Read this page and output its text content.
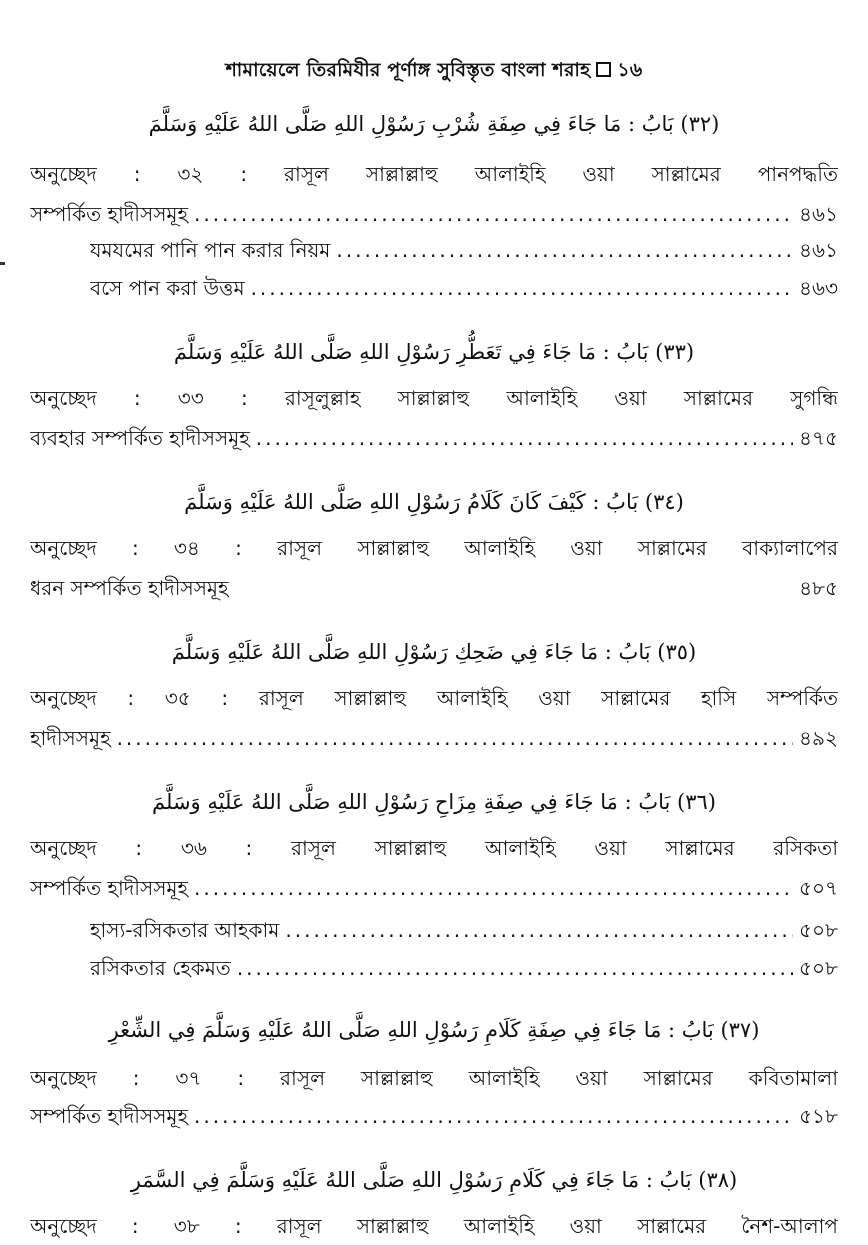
শামায়েলে তিরমিযীর পূর্ণাঙ্গ সুবিস্তৃত বাংলা শরাহ ১৬
(٣٢) بَابُ : مَا جَاءَ فِي صِفَةِ شُرْبِ رَسُوْلِ اللهِ صَلَّى اللهُ عَلَيْهِ وَسَلَّمَ
অনুচ্ছেদ : ৩২ : রাসূল সাল্লাল্লাহু আলাইহি ওয়া সাল্লামের পানপদ্ধতি
সম্পর্কিত হাদীসসমূহ .....	৪৬১
যমযমের পানি পান করার নিয়ম .....	৪৬১
বসে পান করা উত্তম .....	৪৬৩
(٣٣) بَابُ : مَا جَاءَ فِي تَعَطُّرِ رَسُوْلِ اللهِ صَلَّى اللهُ عَلَيْهِ وَسَلَّمَ
অনুচ্ছেদ : ৩৩ : রাসূলুল্লাহ সাল্লাল্লাহু আলাইহি ওয়া সাল্লামের সুগন্ধি
ব্যবহার সম্পর্কিত হাদীসসমূহ .....	৪৭৫
(٣٤) بَابُ : كَيْفَ كَانَ كَلَامُ رَسُوْلِ اللهِ صَلَّى اللهُ عَلَيْهِ وَسَلَّمَ
অনুচ্ছেদ : ৩৪ : রাসূল সাল্লাল্লাহু আলাইহি ওয়া সাল্লামের বাক্যালাপের
ধরন সম্পর্কিত হাদীসসমূহ	৪৮৫
(٣٥) بَابُ : مَا جَاءَ فِي ضَحِكِ رَسُوْلِ اللهِ صَلَّى اللهُ عَلَيْهِ وَسَلَّمَ
অনুচ্ছেদ : ৩৫ : রাসূল সাল্লাল্লাহু আলাইহি ওয়া সাল্লামের হাসি সম্পর্কিত
হাদীসসমূহ .....	৪৯২
(٣٦) بَابُ : مَا جَاءَ فِي صِفَةِ مِزَاحِ رَسُوْلِ اللهِ صَلَّى اللهُ عَلَيْهِ وَسَلَّمَ
অনুচ্ছেদ : ৩৬ : রাসূল সাল্লাল্লাহু আলাইহি ওয়া সাল্লামের রসিকতা
সম্পর্কিত হাদীসসমূহ .....	৫০৭
হাস্য-রসিকতার আহকাম .....	৫০৮
রসিকতার হেকমত .....	৫০৮
(٣٧) بَابُ : مَا جَاءَ فِي صِفَةِ كَلَامِ رَسُوْلِ اللهِ صَلَّى اللهُ عَلَيْهِ وَسَلَّمَ فِي الشِّعْرِ
অনুচ্ছেদ : ৩৭ : রাসূল সাল্লাল্লাহু আলাইহি ওয়া সাল্লামের কবিতামালা
সম্পর্কিত হাদীসসমূহ .....	৫১৮
(٣٨) بَابُ : مَا جَاءَ فِي كَلَامِ رَسُوْلِ اللهِ صَلَّى اللهُ عَلَيْهِ وَسَلَّمَ فِي السَّمَرِ
অনুচ্ছেদ : ৩৮ : রাসূল সাল্লাল্লাহু আলাইহি ওয়া সাল্লামের নৈশ-আলাপ
